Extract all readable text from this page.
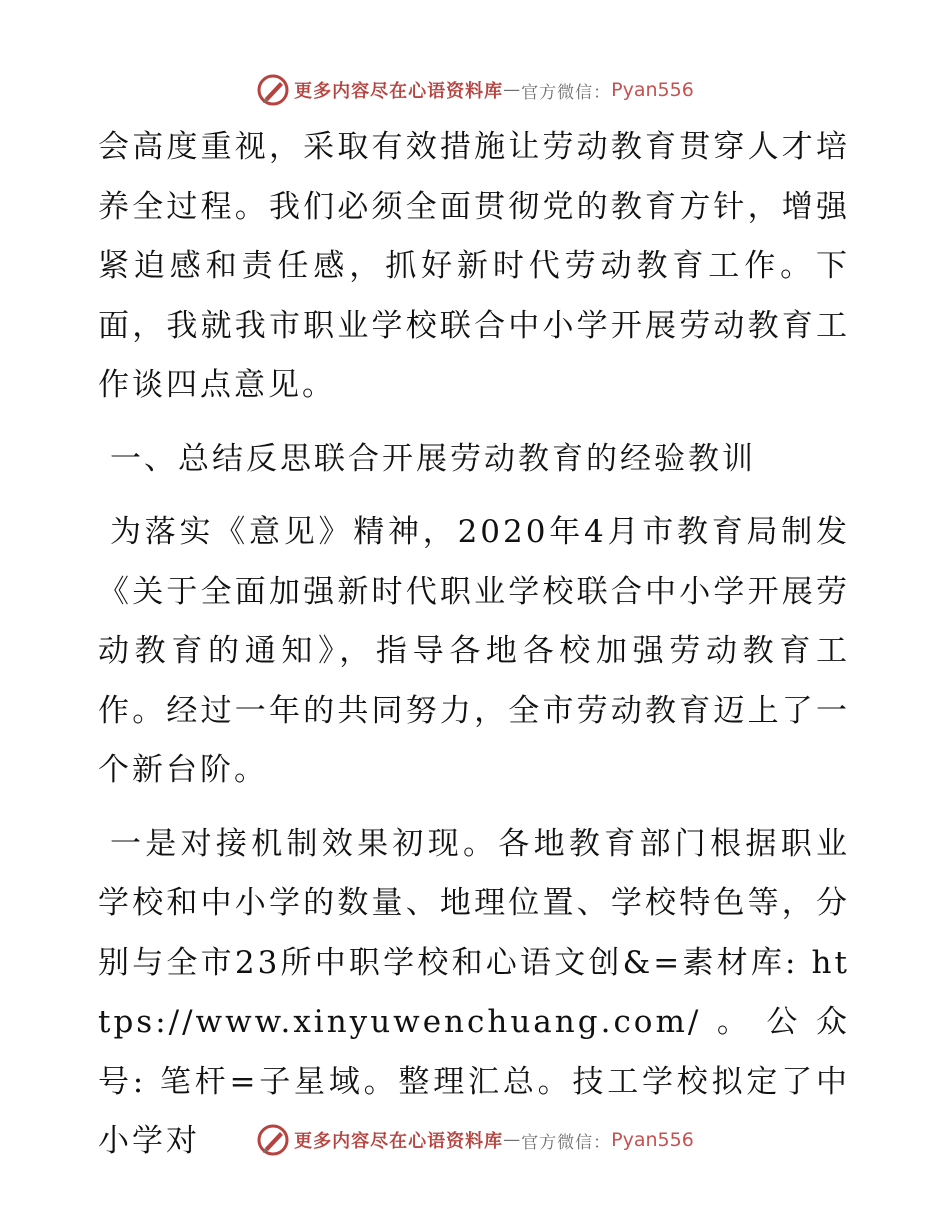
更多内容尽在心语资料库 — 官方微信： Pyan556

会高度重视，采取有效措施让劳动教育贯穿人才培养全过程。我们必须全面贯彻党的教育方针，增强紧迫感和责任感，抓好新时代劳动教育工作。下面，我就我市职业学校联合中小学开展劳动教育工作谈四点意见。

一、总结反思联合开展劳动教育的经验教训

为落实《意见》精神，2020年4月市教育局制发《关于全面加强新时代职业学校联合中小学开展劳动教育的通知》，指导各地各校加强劳动教育工作。经过一年的共同努力，全市劳动教育迈上了一个新台阶。

一是对接机制效果初现。各地教育部门根据职业学校和中小学的数量、地理位置、学校特色等，分别与全市23所中职学校和心语文创&=素材库: https://www.xinyuwenchuang.com/。公众号: 笔杆=子星域。整理汇总。技工学校拟定了中小学对	更多内容尽在心语资料库 — 官方微信： Pyan556
